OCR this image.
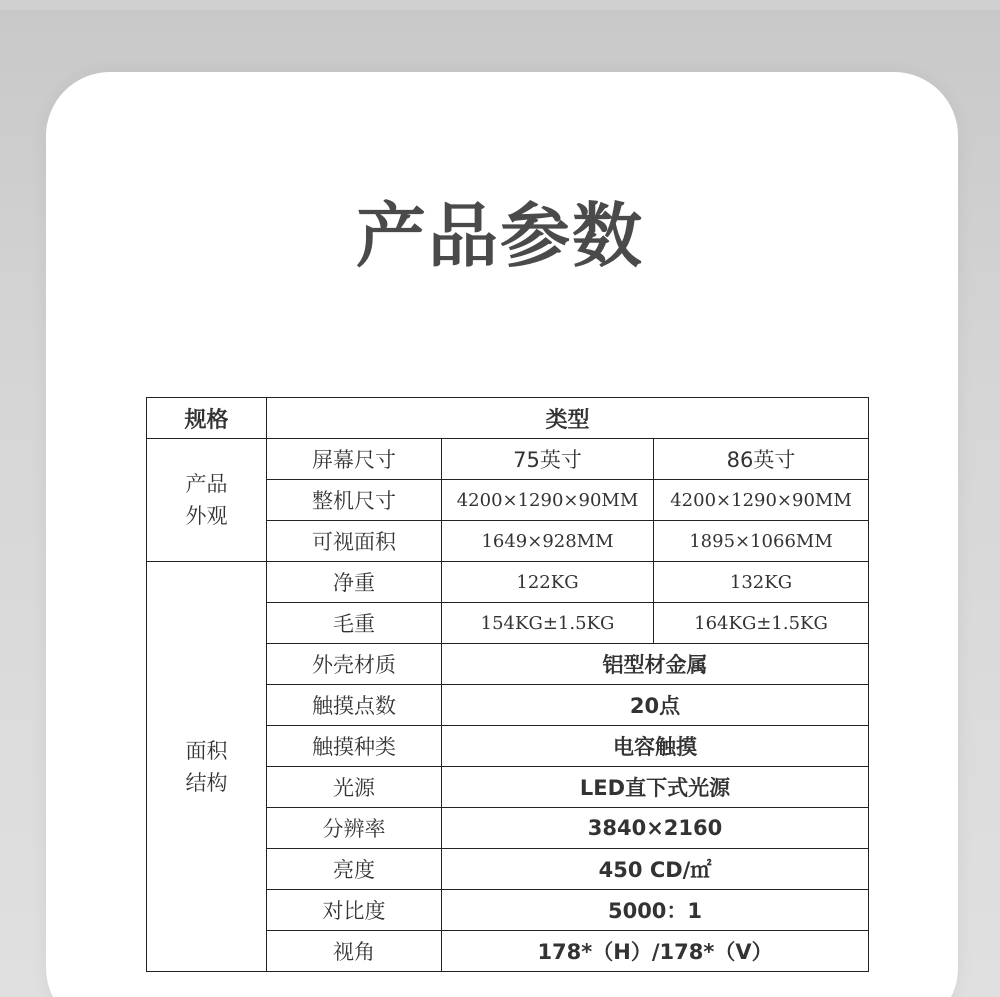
产品参数
规格	类型		
产品外观	屏幕尺寸	75英寸	86英寸
	整机尺寸	4200×1290×90MM	4200×1290×90MM
	可视面积	1649×928MM	1895×1066MM
面积结构	净重	122KG	132KG
	毛重	154KG±1.5KG	164KG±1.5KG
	外壳材质	铝型材金属	
	触摸点数	20点	
	触摸种类	电容触摸	
	光源	LED直下式光源	
	分辨率	3840×2160	
	亮度	450 CD/㎡	
	对比度	5000：1	
	视角	178*（H）/178*（V）	
